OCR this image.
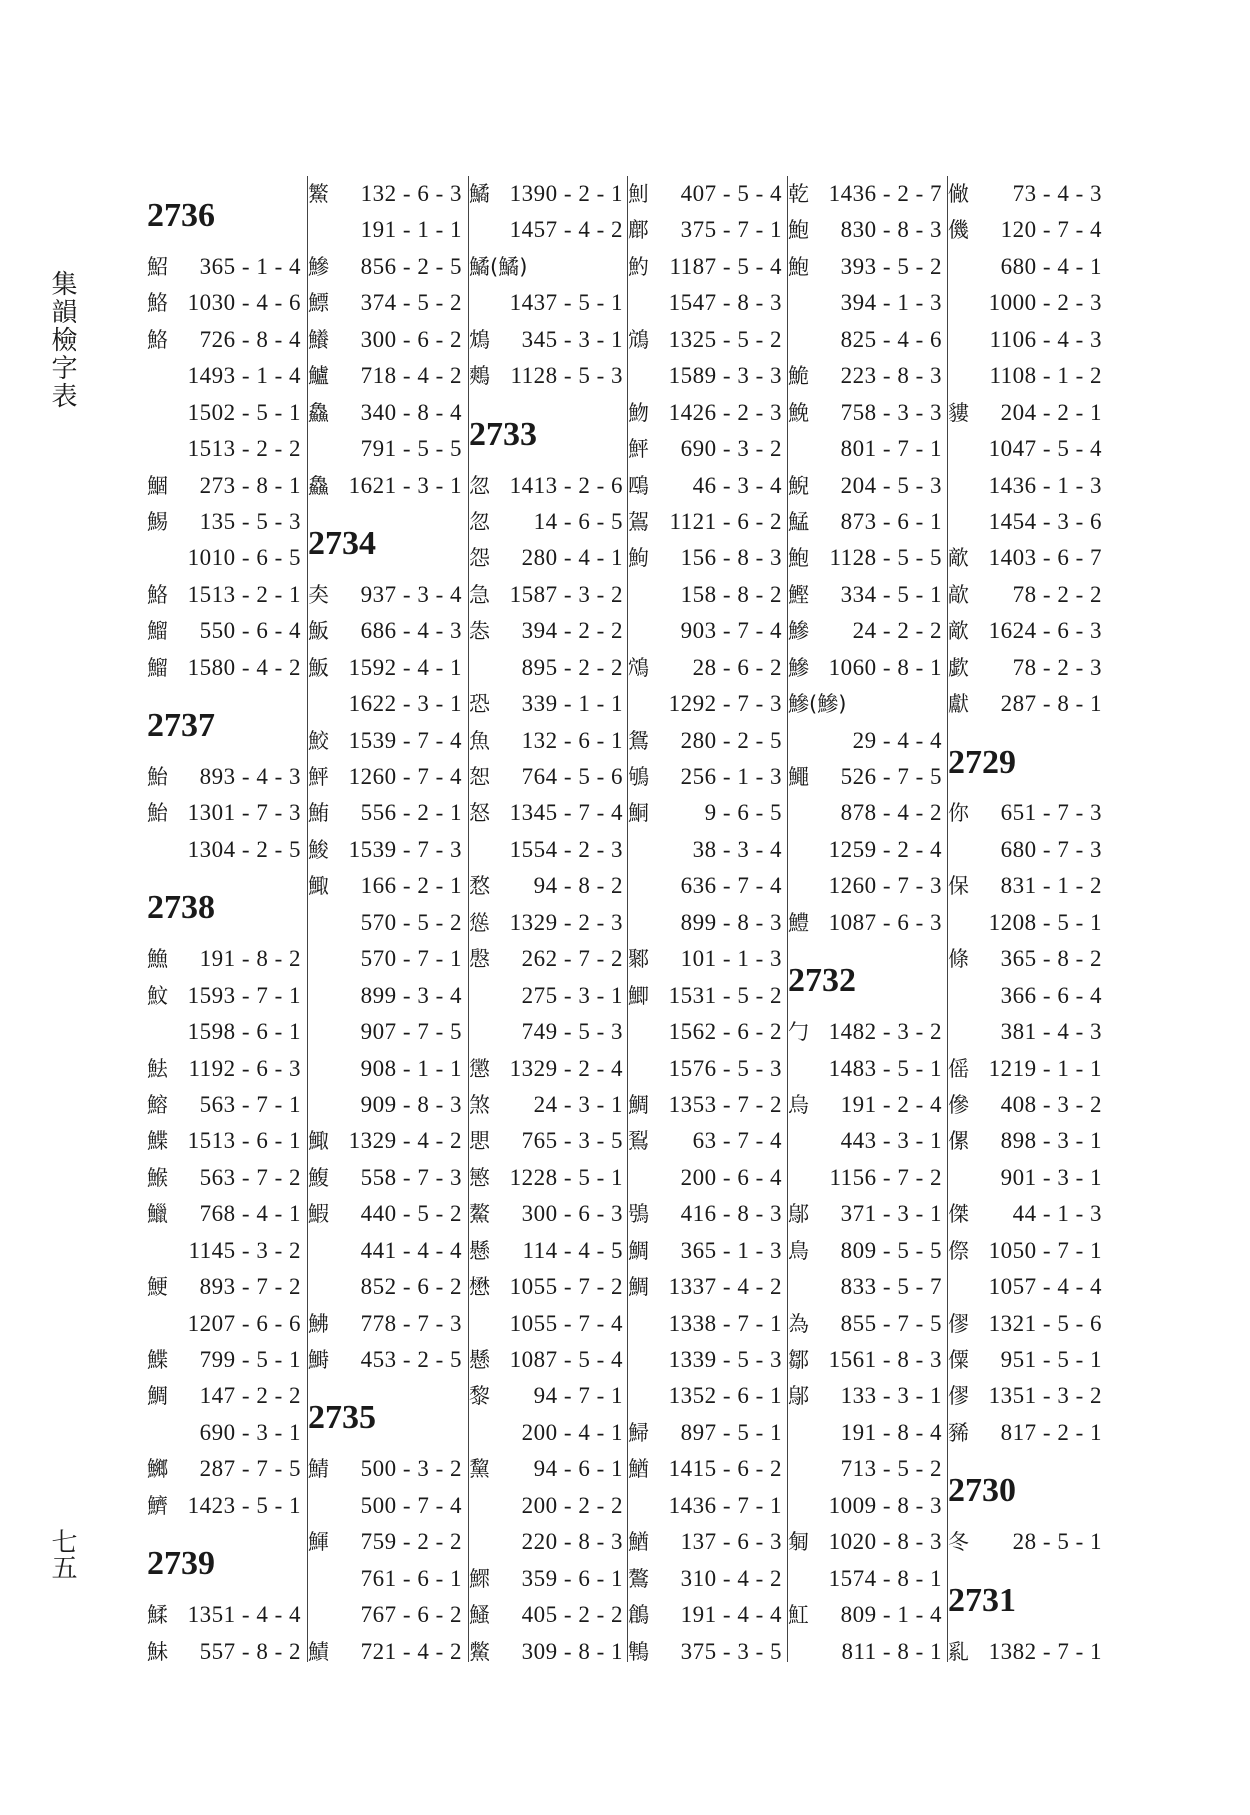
集韻檢字表
七五
2736
鮉	365 - 1 - 4
鮥 1030 - 4 - 6
鮥	726 - 8 - 4
1493 - 1 - 4
1502 - 5 - 1
1513 - 2 - 2
鯝	273 - 8 - 1
鯣	135 - 5 - 3
1010 - 6 - 5
鮥 1513 - 2 - 1
鰡	550 - 6 - 4
鰡 1580 - 4 - 2
2737
鮐	893 - 4 - 3
鮐 1301 - 7 - 3
1304 - 2 - 5
2738
䲆	191 - 8 - 2
魰 1593 - 7 - 1
1598 - 6 - 1
魼 1192 - 6 - 3
鰫	563 - 7 - 1
鰈 1513 - 6 - 1
鯸	563 - 7 - 2
鱲	768 - 4 - 1
1145 - 3 - 2
鯁	893 - 7 - 2
1207 - 6 - 6
鰈	799 - 5 - 1
鯛	147 - 2 - 2
690 - 3 - 1
鱜	287 - 7 - 5
鱭 1423 - 5 - 1
2739
鰇 1351 - 4 - 4
鮇	557 - 8 - 2
鰵	132 - 6 - 3
191 - 1 - 1
鰺	856 - 2 - 5
鰾	374 - 5 - 2
鱶	300 - 6 - 2
鱸	718 - 4 - 2
鱻	340 - 8 - 4
791 - 5 - 5
鱻 1621 - 3 - 1
2734
㚐	937 - 3 - 4
魬	686 - 4 - 3
魬 1592 - 4 - 1
1622 - 3 - 1
鮫 1539 - 7 - 4
鮃 1260 - 7 - 4
鮪	556 - 2 - 1
鮻 1539 - 7 - 3
鯫	166 - 2 - 1
570 - 5 - 2
570 - 7 - 1
899 - 3 - 4
907 - 7 - 5
908 - 1 - 1
909 - 8 - 3
鯫 1329 - 4 - 2
鰒	558 - 7 - 3
鰕	440 - 5 - 2
441 - 4 - 4
852 - 6 - 2
鮄	778 - 7 - 3
鰣	453 - 2 - 5
2735
鯖	500 - 3 - 2
500 - 7 - 4
鯶	759 - 2 - 2
761 - 6 - 1
767 - 6 - 2
鰿	721 - 4 - 2
鱊 1390 - 2 - 1
1457 - 4 - 2
鱊(鱊)
1437 - 5 - 1
鴆	345 - 3 - 1
鷞 1128 - 5 - 3
2733
忽 1413 - 2 - 6
忽	14 - 6 - 5
怨	280 - 4 - 1
急 1587 - 3 - 2
怣	394 - 2 - 2
895 - 2 - 2
恐	339 - 1 - 1
魚	132 - 6 - 1
恕	764 - 5 - 6
怒 1345 - 7 - 4
1554 - 2 - 3
愗	94 - 8 - 2
慫 1329 - 2 - 3
慇	262 - 7 - 2
275 - 3 - 1
749 - 5 - 3
懲 1329 - 2 - 4
煞	24 - 3 - 1
愳	765 - 3 - 5
慜 1228 - 5 - 1
鰲	300 - 6 - 3
懸	114 - 4 - 5
懋 1055 - 7 - 2
1055 - 7 - 4
懸 1087 - 5 - 4
黎	94 - 7 - 1
200 - 4 - 1
黧	94 - 6 - 1
200 - 2 - 2
220 - 8 - 3
鰥	359 - 6 - 1
鰠	405 - 2 - 2
鱉	309 - 8 - 1
魝	407 - 5 - 4
鄜	375 - 7 - 1
魡 1187 - 5 - 4
1547 - 8 - 3
鴧 1325 - 5 - 2
1589 - 3 - 3
魩 1426 - 2 - 3
鮃	690 - 3 - 2
鴄	46 - 3 - 4
鴐 1121 - 6 - 2
鮈	156 - 8 - 3
158 - 8 - 2
903 - 7 - 4
鴪	28 - 6 - 2
1292 - 7 - 3
鴛	280 - 2 - 5
鴝	256 - 1 - 3
鮦	9 - 6 - 5
38 - 3 - 4
636 - 7 - 4
899 - 8 - 3
鄹	101 - 1 - 3
鯽 1531 - 5 - 2
1562 - 6 - 2
1576 - 5 - 3
鯛 1353 - 7 - 2
鴷	63 - 7 - 4
200 - 6 - 4
鴞	416 - 8 - 3
鯛	365 - 1 - 3
鯛 1337 - 4 - 2
1338 - 7 - 1
1339 - 5 - 3
1352 - 6 - 1
鯞	897 - 5 - 1
鰌 1415 - 6 - 2
1436 - 7 - 1
鰌	137 - 6 - 3
鷔	310 - 4 - 2
鶬	191 - 4 - 4
鶽	375 - 3 - 5
乾 1436 - 2 - 7
鮑	830 - 8 - 3
鮑	393 - 5 - 2
394 - 1 - 3
825 - 4 - 6
鮠	223 - 8 - 3
鮸	758 - 3 - 3
801 - 7 - 1
鯢	204 - 5 - 3
鯭	873 - 6 - 1
鮑 1128 - 5 - 5
鰹	334 - 5 - 1
鰺	24 - 2 - 2
鰺 1060 - 8 - 1
鰺(鰺)
29 - 4 - 4
鱦	526 - 7 - 5
878 - 4 - 2
1259 - 2 - 4
1260 - 7 - 3
鱧 1087 - 6 - 3
2732
勹 1482 - 3 - 2
1483 - 5 - 1
烏	191 - 2 - 4
443 - 3 - 1
1156 - 7 - 2
鄔	371 - 3 - 1
鳥	809 - 5 - 5
833 - 5 - 7
為	855 - 7 - 5
鄒 1561 - 8 - 3
鄔	133 - 3 - 1
191 - 8 - 4
713 - 5 - 2
1009 - 8 - 3
匔 1020 - 8 - 3
1574 - 8 - 1
魟	809 - 1 - 4
811 - 8 - 1
僘	73 - 4 - 3
僟	120 - 7 - 4
680 - 4 - 1
1000 - 2 - 3
1106 - 4 - 3
1108 - 1 - 2
貗	204 - 2 - 1
1047 - 5 - 4
1436 - 1 - 3
1454 - 3 - 6
歒 1403 - 6 - 7
歊	78 - 2 - 2
歒 1624 - 6 - 3
歔	78 - 2 - 3
獻	287 - 8 - 1
2729
你	651 - 7 - 3
680 - 7 - 3
保	831 - 1 - 2
1208 - 5 - 1
條	365 - 8 - 2
366 - 6 - 4
381 - 4 - 3
傜 1219 - 1 - 1
傪	408 - 3 - 2
傫	898 - 3 - 1
901 - 3 - 1
傑	44 - 1 - 3
傺 1050 - 7 - 1
1057 - 4 - 4
僇 1321 - 5 - 6
僳	951 - 5 - 1
僇 1351 - 3 - 2
豨	817 - 2 - 1
2730
冬	28 - 5 - 1
2731
乿 1382 - 7 - 1
